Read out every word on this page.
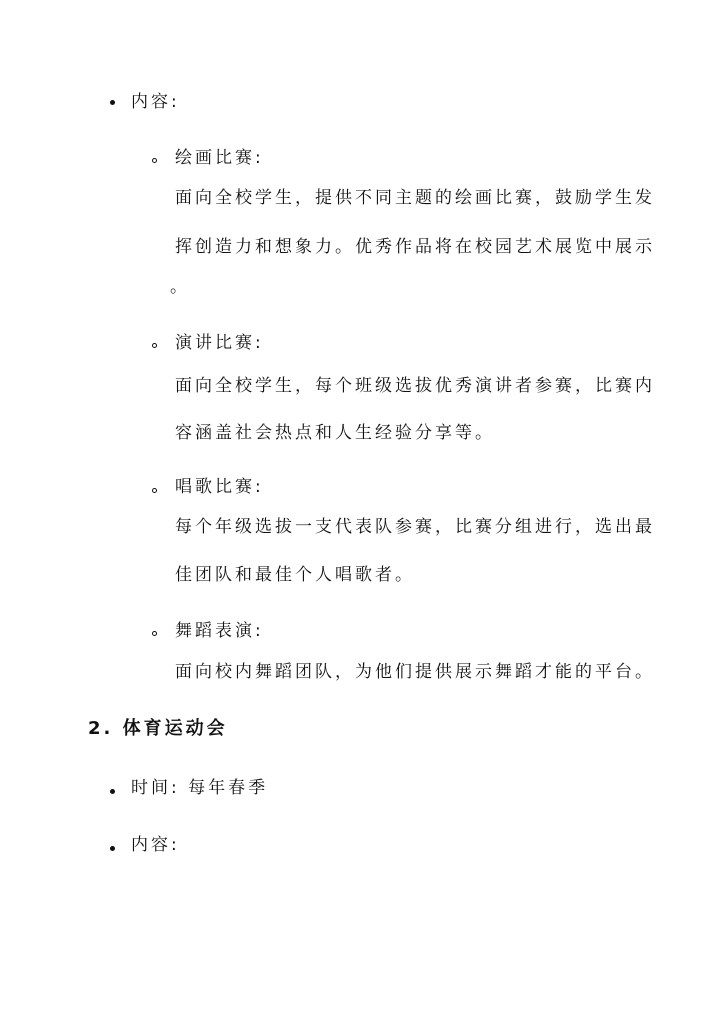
内容:
绘画比赛:
面向全校学生，提供不同主题的绘画比赛，鼓励学生发
挥创造力和想象力。优秀作品将在校园艺术展览中展示
。
演讲比赛:
面向全校学生，每个班级选拔优秀演讲者参赛，比赛内
容涵盖社会热点和人生经验分享等。
唱歌比赛:
每个年级选拔一支代表队参赛，比赛分组进行，选出最
佳团队和最佳个人唱歌者。
舞蹈表演:
面向校内舞蹈团队，为他们提供展示舞蹈才能的平台。
2. 体育运动会
时间: 每年春季
内容:
